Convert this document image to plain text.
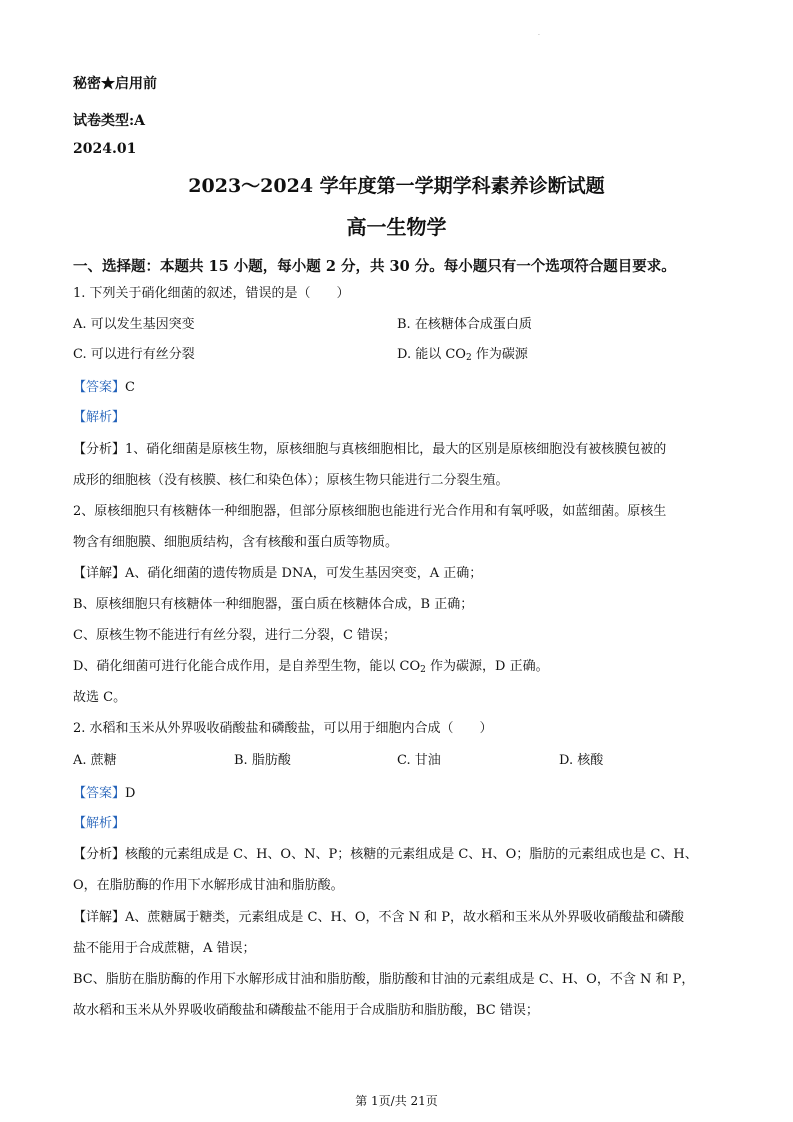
.
秘密★启用前
试卷类型:A
2024.01
2023～2024 学年度第一学期学科素养诊断试题
高一生物学
一、选择题：本题共 15 小题，每小题 2 分，共 30 分。每小题只有一个选项符合题目要求。
1. 下列关于硝化细菌的叙述，错误的是（　　）
A. 可以发生基因突变	B. 在核糖体合成蛋白质
C. 可以进行有丝分裂	D. 能以 $CO_2$ 作为碳源
【答案】C
【解析】
【分析】1、硝化细菌是原核生物，原核细胞与真核细胞相比，最大的区别是原核细胞没有被核膜包被的
成形的细胞核（没有核膜、核仁和染色体）；原核生物只能进行二分裂生殖。
2、原核细胞只有核糖体一种细胞器，但部分原核细胞也能进行光合作用和有氧呼吸，如蓝细菌。原核生
物含有细胞膜、细胞质结构，含有核酸和蛋白质等物质。
【详解】A、硝化细菌的遗传物质是 DNA，可发生基因突变，A 正确；
B、原核细胞只有核糖体一种细胞器，蛋白质在核糖体合成，B 正确；
C、原核生物不能进行有丝分裂，进行二分裂，C 错误；
D、硝化细菌可进行化能合成作用，是自养型生物，能以 $CO_2$ 作为碳源，D 正确。
故选 C。
2. 水稻和玉米从外界吸收硝酸盐和磷酸盐，可以用于细胞内合成（　　）
A. 蔗糖	B. 脂肪酸	C. 甘油	D. 核酸
【答案】D
【解析】
【分析】核酸的元素组成是 C、H、O、N、P；核糖的元素组成是 C、H、O；脂肪的元素组成也是 C、H、
O，在脂肪酶的作用下水解形成甘油和脂肪酸。
【详解】A、蔗糖属于糖类，元素组成是 C、H、O，不含 N 和 P，故水稻和玉米从外界吸收硝酸盐和磷酸
盐不能用于合成蔗糖，A 错误；
BC、脂肪在脂肪酶的作用下水解形成甘油和脂肪酸，脂肪酸和甘油的元素组成是 C、H、O，不含 N 和 P，
故水稻和玉米从外界吸收硝酸盐和磷酸盐不能用于合成脂肪和脂肪酸，BC 错误；
第 1页/共 21页
